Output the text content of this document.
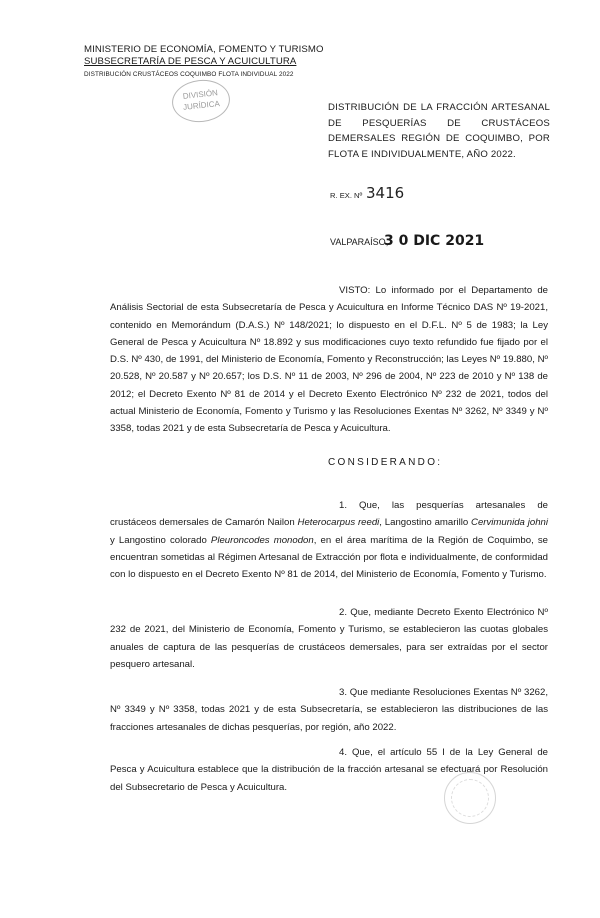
MINISTERIO DE ECONOMÍA, FOMENTO Y TURISMO
SUBSECRETARÍA DE PESCA Y ACUICULTURA
DISTRIBUCIÓN CRUSTÁCEOS COQUIMBO FLOTA INDIVIDUAL 2022
DIVISIÓN
JURÍDICA	DISTRIBUCIÓN DE LA FRACCIÓN ARTESANAL DE PESQUERÍAS DE CRUSTÁCEOS DEMERSALES REGIÓN DE COQUIMBO, POR FLOTA E INDIVIDUALMENTE, AÑO 2022.
R. EX. Nº 3416
VALPARAÍSO,
3 0 DIC 2021
VISTO: Lo informado por el Departamento de Análisis Sectorial de esta Subsecretaría de Pesca y Acuicultura en Informe Técnico DAS Nº 19-2021, contenido en Memorándum (D.A.S.) Nº 148/2021; lo dispuesto en el D.F.L. Nº 5 de 1983; la Ley General de Pesca y Acuicultura Nº 18.892 y sus modificaciones cuyo texto refundido fue fijado por el D.S. Nº 430, de 1991, del Ministerio de Economía, Fomento y Reconstrucción; las Leyes Nº 19.880, Nº 20.528, Nº 20.587 y Nº 20.657; los D.S. Nº 11 de 2003, Nº 296 de 2004, Nº 223 de 2010 y Nº 138 de 2012; el Decreto Exento Nº 81 de 2014 y el Decreto Exento Electrónico Nº 232 de 2021, todos del actual Ministerio de Economía, Fomento y Turismo y las Resoluciones Exentas Nº 3262, Nº 3349 y Nº 3358, todas 2021 y de esta Subsecretaría de Pesca y Acuicultura.
CONSIDERANDO:
1. Que, las pesquerías artesanales de crustáceos demersales de Camarón Nailon Heterocarpus reedi, Langostino amarillo Cervimunida johni y Langostino colorado Pleuroncodes monodon, en el área marítima de la Región de Coquimbo, se encuentran sometidas al Régimen Artesanal de Extracción por flota e individualmente, de conformidad con lo dispuesto en el Decreto Exento Nº 81 de 2014, del Ministerio de Economía, Fomento y Turismo.
2. Que, mediante Decreto Exento Electrónico Nº 232 de 2021, del Ministerio de Economía, Fomento y Turismo, se establecieron las cuotas globales anuales de captura de las pesquerías de crustáceos demersales, para ser extraídas por el sector pesquero artesanal.
3. Que mediante Resoluciones Exentas Nº 3262, Nº 3349 y Nº 3358, todas 2021 y de esta Subsecretaría, se establecieron las distribuciones de las fracciones artesanales de dichas pesquerías, por región, año 2022.
4. Que, el artículo 55 I de la Ley General de Pesca y Acuicultura establece que la distribución de la fracción artesanal se efectuará por Resolución del Subsecretario de Pesca y Acuicultura.
